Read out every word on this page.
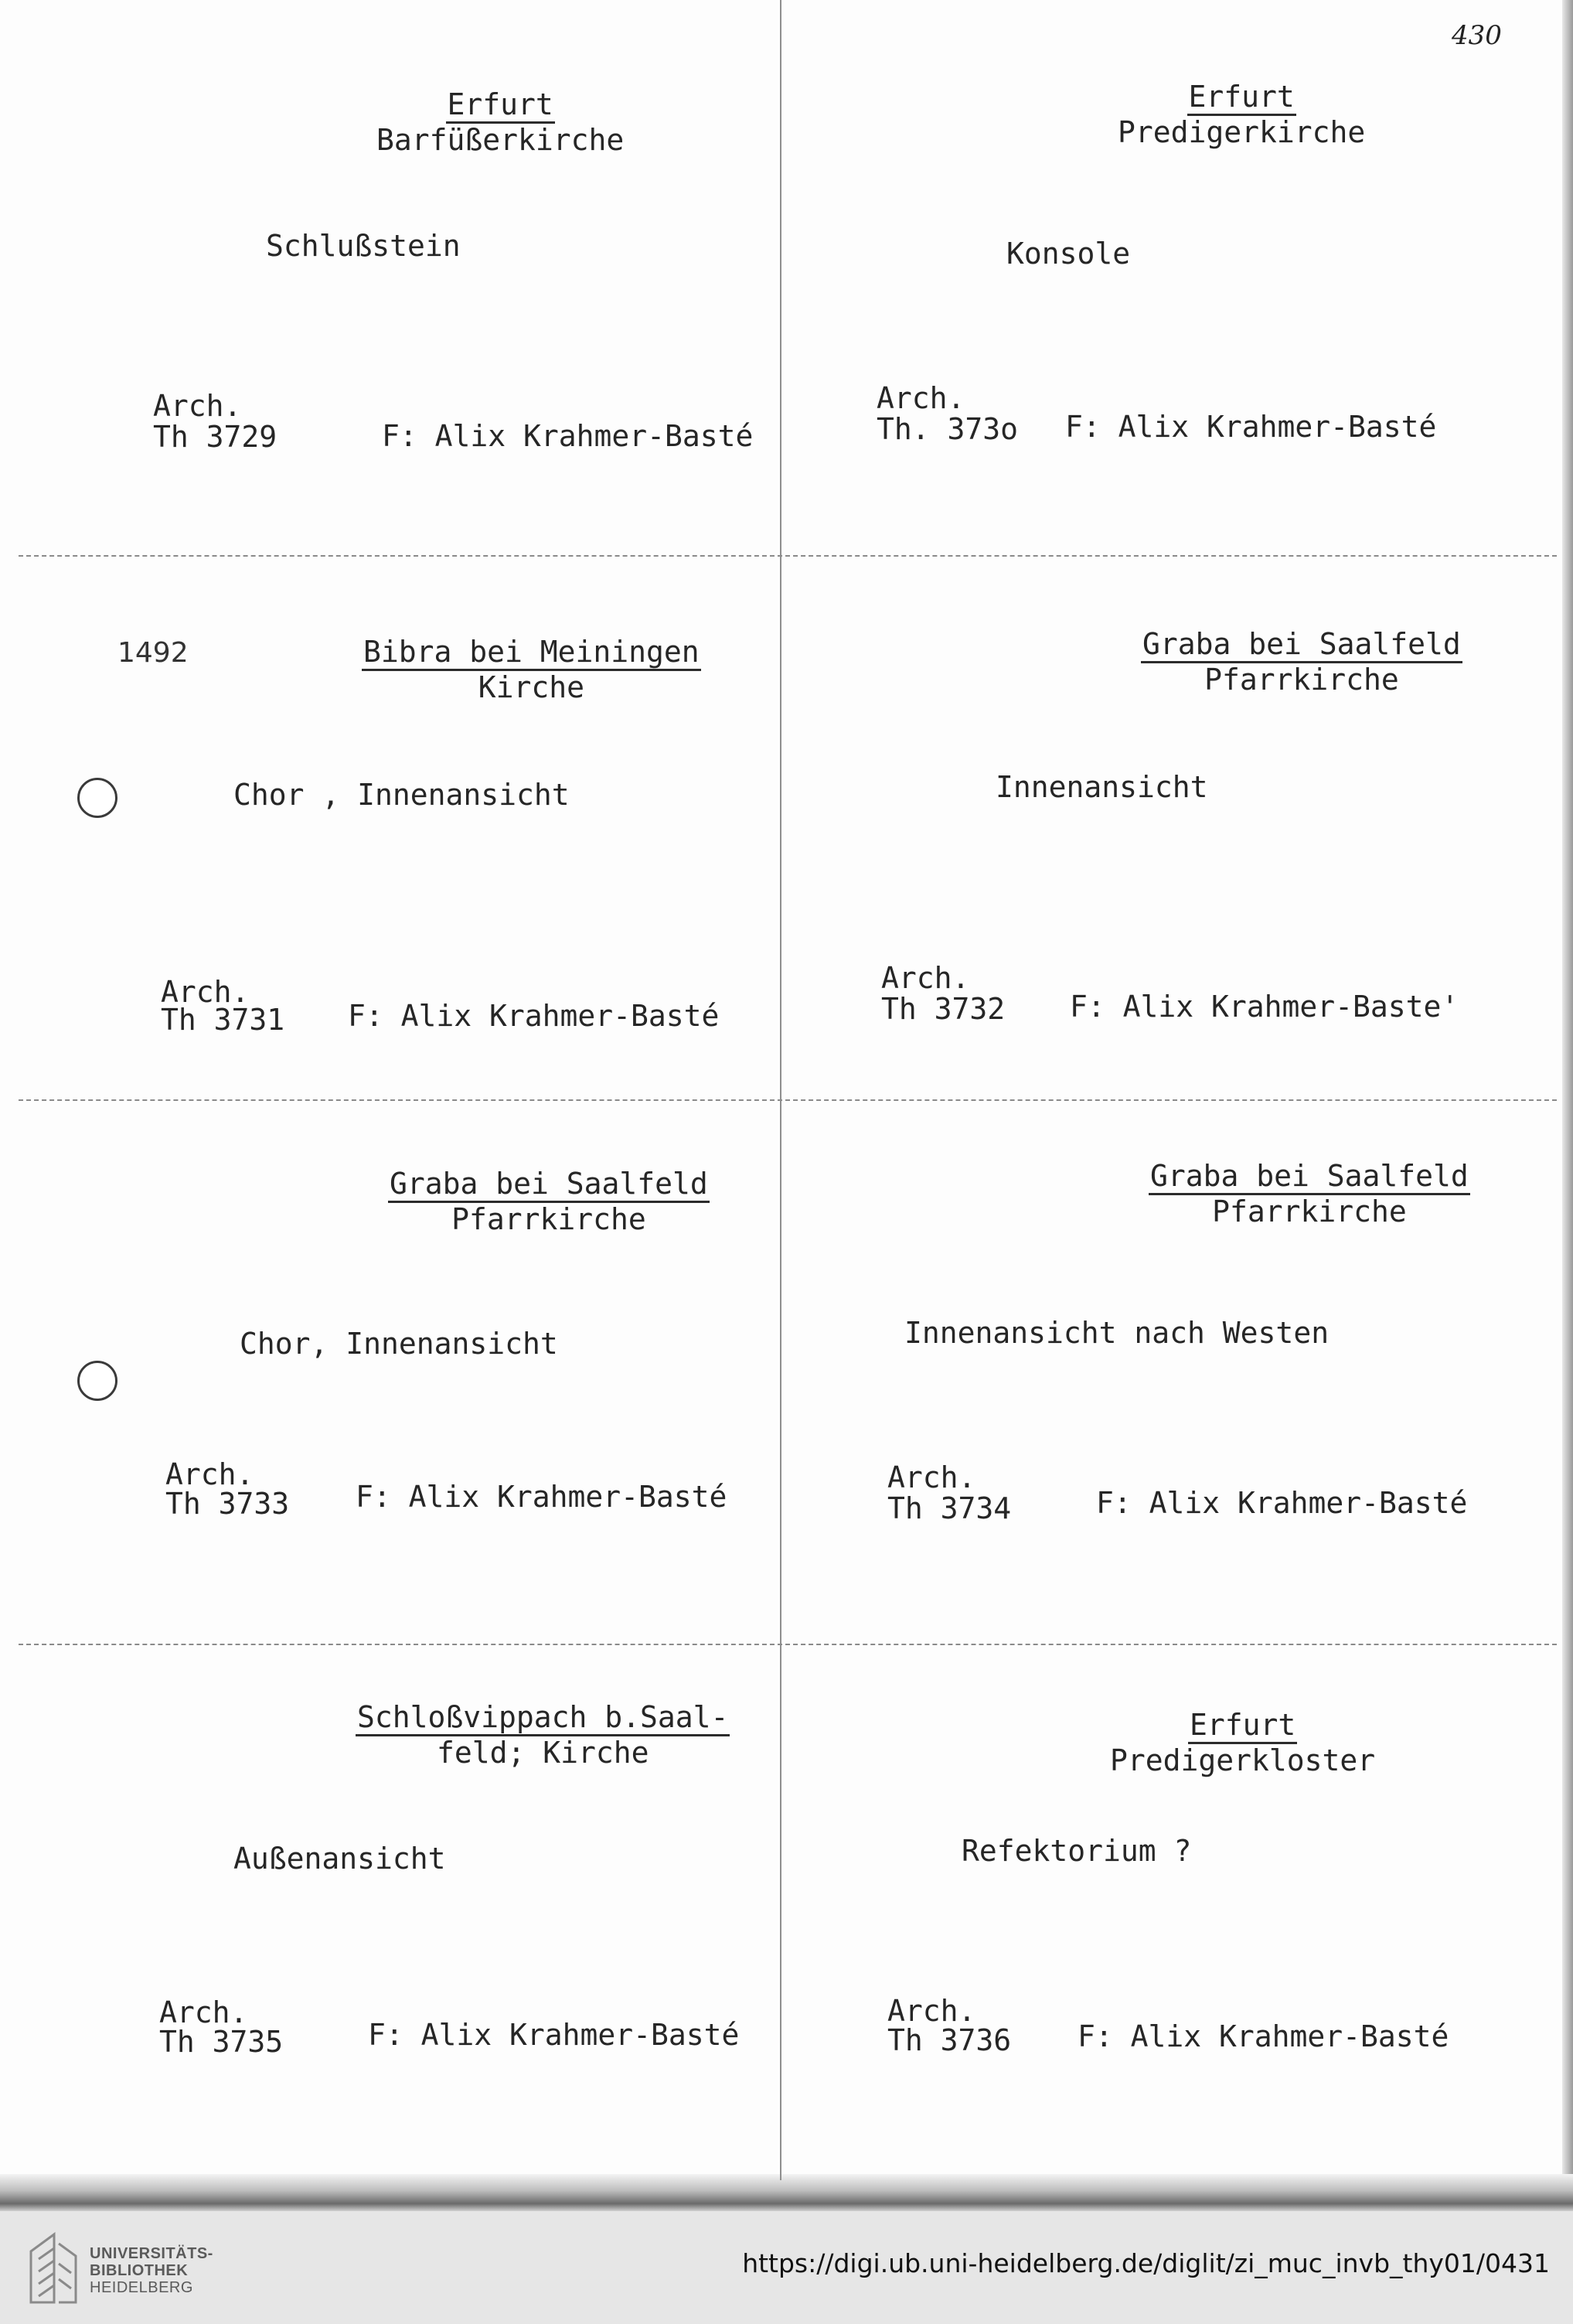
430
Erfurt
Barfüßerkirche
Schlußstein
Arch.
Th 3729	F: Alix Krahmer-Basté
Erfurt
Predigerkirche
Konsole
Arch.
Th. 373o F: Alix Krahmer-Basté
1492	Bibra bei Meiningen
Kirche
Chor , Innenansicht
Arch.
Th 3731 F: Alix Krahmer-Basté
Graba bei Saalfeld
Pfarrkirche
Innenansicht
Arch.
Th 3732 F: Alix Krahmer-Baste'
Graba bei Saalfeld
Pfarrkirche
Chor, Innenansicht
Arch.
Th 3733 F: Alix Krahmer-Basté
Graba bei Saalfeld
Pfarrkirche
Innenansicht nach Westen
Arch.
Th 3734	F: Alix Krahmer-Basté
Schloßvippach b.Saal-
feld; Kirche
Außenansicht
Arch.
Th 3735	F: Alix Krahmer-Basté
Erfurt
Predigerkloster
Refektorium ?
Arch.
Th 3736 F: Alix Krahmer-Basté
UNIVERSITÄTS-
BIBLIOTHEK
HEIDELBERG
https://digi.ub.uni-heidelberg.de/diglit/zi_muc_invb_thy01/0431
